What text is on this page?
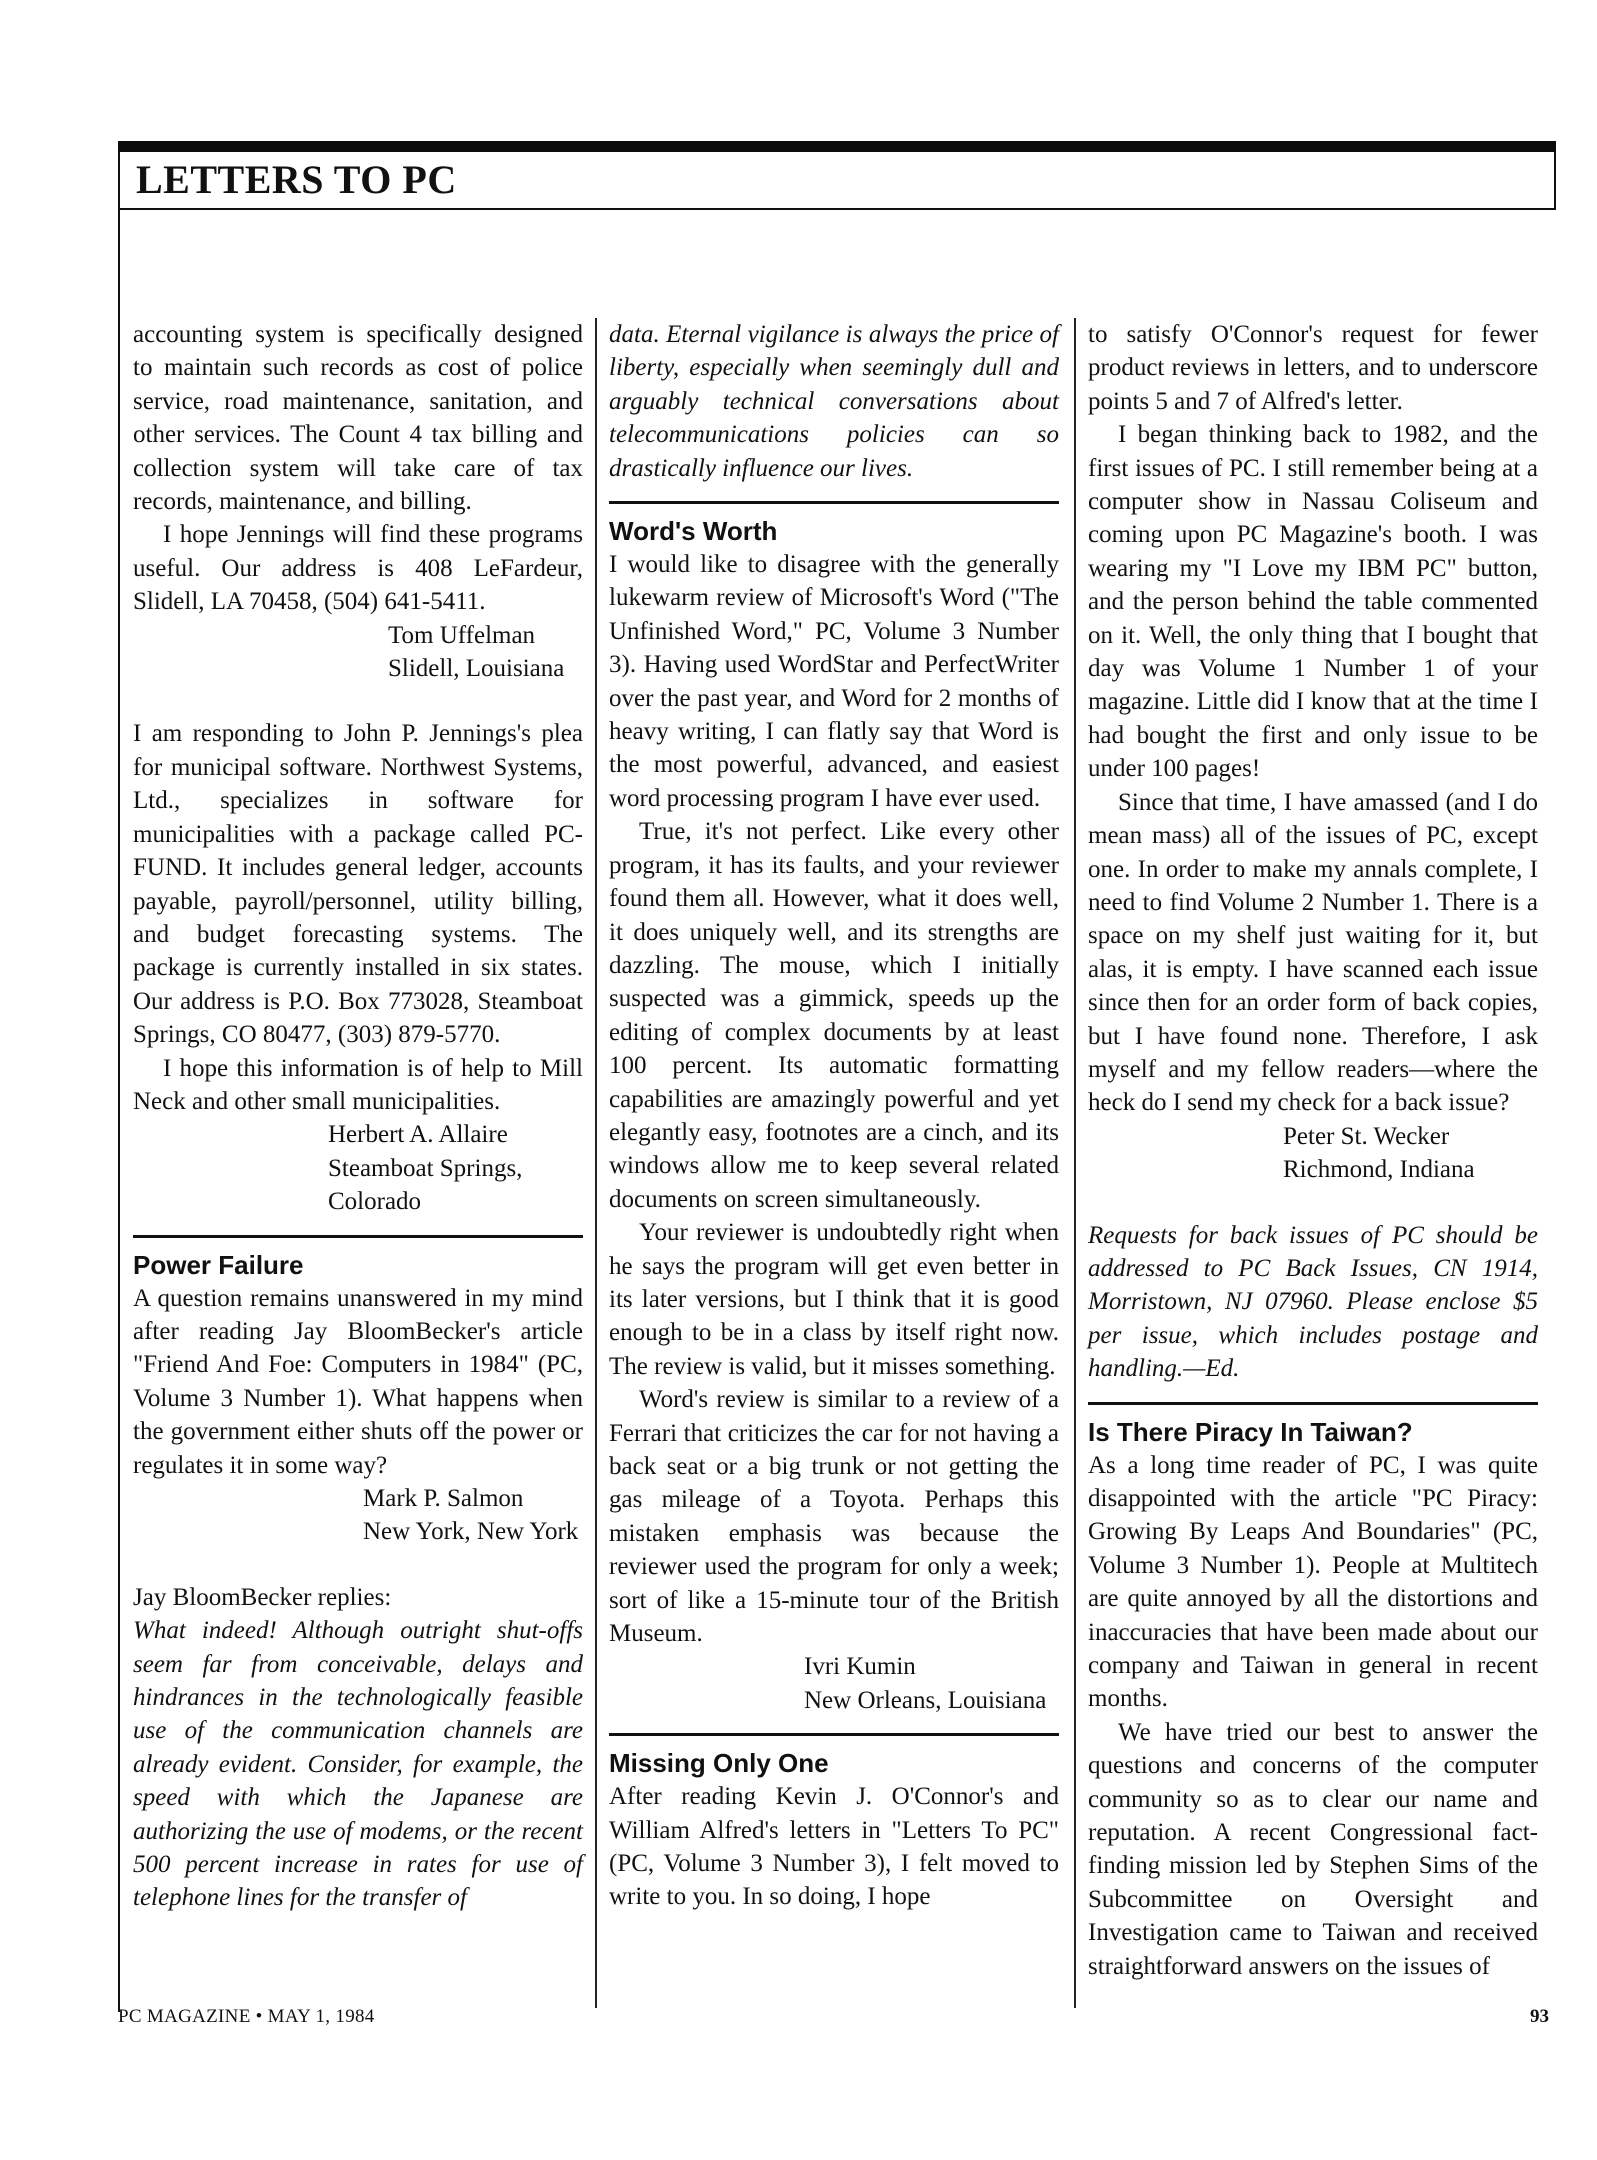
LETTERS TO PC

accounting system is specifically designed to maintain such records as cost of police service, road maintenance, sanitation, and other services. The Count 4 tax billing and collection system will take care of tax records, maintenance, and billing.

I hope Jennings will find these programs useful. Our address is 408 LeFardeur, Slidell, LA 70458, (504) 641-5411.

Tom Uffelman

Slidell, Louisiana

I am responding to John P. Jennings's plea for municipal software. Northwest Systems, Ltd., specializes in software for municipalities with a package called PC-FUND. It includes general ledger, accounts payable, payroll/personnel, utility billing, and budget forecasting systems. The package is currently installed in six states. Our address is P.O. Box 773028, Steamboat Springs, CO 80477, (303) 879-5770.

I hope this information is of help to Mill Neck and other small municipalities.

Herbert A. Allaire

Steamboat Springs, Colorado

Power Failure

A question remains unanswered in my mind after reading Jay BloomBecker's article "Friend And Foe: Computers in 1984" (PC, Volume 3 Number 1). What happens when the government either shuts off the power or regulates it in some way?

Mark P. Salmon

New York, New York

Jay BloomBecker replies:

What indeed! Although outright shut-offs seem far from conceivable, delays and hindrances in the technologically feasible use of the communication channels are already evident. Consider, for example, the speed with which the Japanese are authorizing the use of modems, or the recent 500 percent increase in rates for use of telephone lines for the transfer of

data. Eternal vigilance is always the price of liberty, especially when seemingly dull and arguably technical conversations about telecommunications policies can so drastically influence our lives.

Word's Worth

I would like to disagree with the generally lukewarm review of Microsoft's Word ("The Unfinished Word," PC, Volume 3 Number 3). Having used WordStar and PerfectWriter over the past year, and Word for 2 months of heavy writing, I can flatly say that Word is the most powerful, advanced, and easiest word processing program I have ever used.

True, it's not perfect. Like every other program, it has its faults, and your reviewer found them all. However, what it does well, it does uniquely well, and its strengths are dazzling. The mouse, which I initially suspected was a gimmick, speeds up the editing of complex documents by at least 100 percent. Its automatic formatting capabilities are amazingly powerful and yet elegantly easy, footnotes are a cinch, and its windows allow me to keep several related documents on screen simultaneously.

Your reviewer is undoubtedly right when he says the program will get even better in its later versions, but I think that it is good enough to be in a class by itself right now. The review is valid, but it misses something.

Word's review is similar to a review of a Ferrari that criticizes the car for not having a back seat or a big trunk or not getting the gas mileage of a Toyota. Perhaps this mistaken emphasis was because the reviewer used the program for only a week; sort of like a 15-minute tour of the British Museum.

Ivri Kumin

New Orleans, Louisiana

Missing Only One

After reading Kevin J. O'Connor's and William Alfred's letters in "Letters To PC" (PC, Volume 3 Number 3), I felt moved to write to you. In so doing, I hope

to satisfy O'Connor's request for fewer product reviews in letters, and to underscore points 5 and 7 of Alfred's letter.

I began thinking back to 1982, and the first issues of PC. I still remember being at a computer show in Nassau Coliseum and coming upon PC Magazine's booth. I was wearing my "I Love my IBM PC" button, and the person behind the table commented on it. Well, the only thing that I bought that day was Volume 1 Number 1 of your magazine. Little did I know that at the time I had bought the first and only issue to be under 100 pages!

Since that time, I have amassed (and I do mean mass) all of the issues of PC, except one. In order to make my annals complete, I need to find Volume 2 Number 1. There is a space on my shelf just waiting for it, but alas, it is empty. I have scanned each issue since then for an order form of back copies, but I have found none. Therefore, I ask myself and my fellow readers—where the heck do I send my check for a back issue?

Peter St. Wecker

Richmond, Indiana

Requests for back issues of PC should be addressed to PC Back Issues, CN 1914, Morristown, NJ 07960. Please enclose $5 per issue, which includes postage and handling.—Ed.

Is There Piracy In Taiwan?

As a long time reader of PC, I was quite disappointed with the article "PC Piracy: Growing By Leaps And Boundaries" (PC, Volume 3 Number 1). People at Multitech are quite annoyed by all the distortions and inaccuracies that have been made about our company and Taiwan in general in recent months.

We have tried our best to answer the questions and concerns of the computer community so as to clear our name and reputation. A recent Congressional fact-finding mission led by Stephen Sims of the Subcommittee on Oversight and Investigation came to Taiwan and received straightforward answers on the issues of

PC MAGAZINE • MAY 1, 1984	93
